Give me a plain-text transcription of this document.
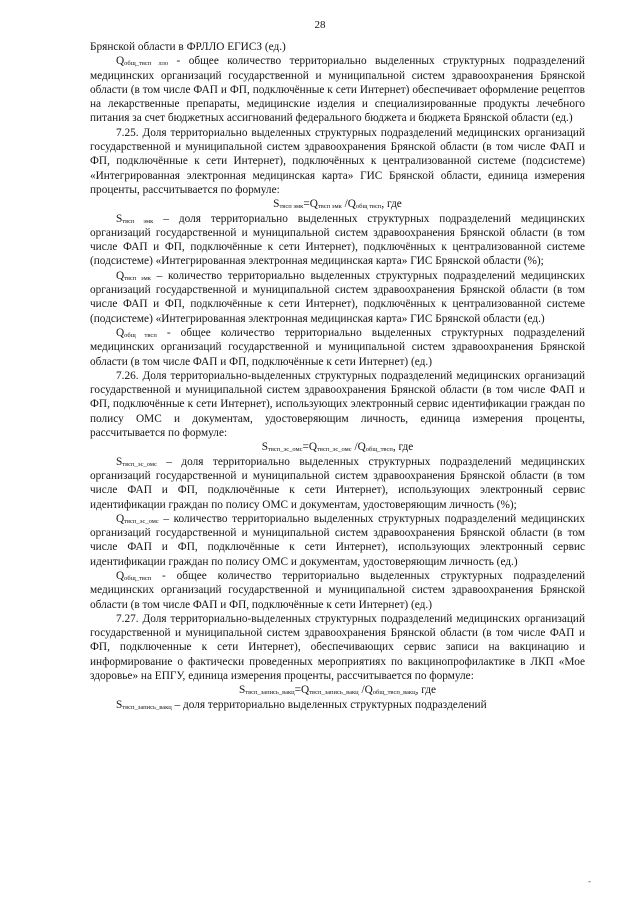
28

Брянской области в ФРЛЛО ЕГИСЗ (ед.)

$Q_{общ\_твсп ллo}$ - общее количество территориально выделенных структурных подразделений медицинских организаций государственной и муниципальной систем здравоохранения Брянской области (в том числе ФАП и ФП, подключённые к сети Интернет) обеспечивает оформление рецептов на лекарственные препараты, медицинские изделия и специализированные продукты лечебного питания за счет бюджетных ассигнований федерального бюджета и бюджета Брянской области (ед.)

7.25. Доля территориально выделенных структурных подразделений медицинских организаций государственной и муниципальной систем здравоохранения Брянской области (в том числе ФАП и ФП, подключённые к сети Интернет), подключённых к централизованной системе (подсистеме) «Интегрированная электронная медицинская карта» ГИС Брянской области, единица измерения проценты, рассчитывается по формуле:

$S_{твсп эмк}=Q_{твсп эмк}$ $/Q_{общ твсп}$, где

$S_{твсп эмк}$ – доля территориально выделенных структурных подразделений медицинских организаций государственной и муниципальной систем здравоохранения Брянской области (в том числе ФАП и ФП, подключённые к сети Интернет), подключённых к централизованной системе (подсистеме) «Интегрированная электронная медицинская карта» ГИС Брянской области (%);

$Q_{твсп эмк}$ – количество территориально выделенных структурных подразделений медицинских организаций государственной и муниципальной систем здравоохранения Брянской области (в том числе ФАП и ФП, подключённые к сети Интернет), подключённых к централизованной системе (подсистеме) «Интегрированная электронная медицинская карта» ГИС Брянской области (ед.)

$Q_{общ твсп}$ - общее количество территориально выделенных структурных подразделений медицинских организаций государственной и муниципальной систем здравоохранения Брянской области (в том числе ФАП и ФП, подключённые к сети Интернет) (ед.)

7.26. Доля территориально-выделенных структурных подразделений медицинских организаций государственной и муниципальной систем здравоохранения Брянской области (в том числе ФАП и ФП, подключённые к сети Интернет), использующих электронный сервис идентификации граждан по полису ОМС и документам, удостоверяющим личность, единица измерения проценты, рассчитывается по формуле:

$S_{твсп\_эс\_омс}=Q_{твсп\_эс\_омс}$ $/Q_{общ\_твсп}$, где

$S_{твсп\_эс\_омс}$ – доля территориально выделенных структурных подразделений медицинских организаций государственной и муниципальной систем здравоохранения Брянской области (в том числе ФАП и ФП, подключённые к сети Интернет), использующих электронный сервис идентификации граждан по полису ОМС и документам, удостоверяющим личность (%);

$Q_{твсп\_эс\_омс}$ – количество территориально выделенных структурных подразделений медицинских организаций государственной и муниципальной систем здравоохранения Брянской области (в том числе ФАП и ФП, подключённые к сети Интернет), использующих электронный сервис идентификации граждан по полису ОМС и документам, удостоверяющим личность (ед.)

$Q_{общ\_твсп}$ - общее количество территориально выделенных структурных подразделений медицинских организаций государственной и муниципальной систем здравоохранения Брянской области (в том числе ФАП и ФП, подключённые к сети Интернет) (ед.)

7.27. Доля территориально-выделенных структурных подразделений медицинских организаций государственной и муниципальной систем здравоохранения Брянской области (в том числе ФАП и ФП, подключенные к сети Интернет), обеспечивающих сервис записи на вакцинацию и информирование о фактически проведенных мероприятиях по вакцинопрофилактике в ЛКП «Мое здоровье» на ЕПГУ, единица измерения проценты, рассчитывается по формуле:

$S_{твсп\_запись\_вакц}=Q_{твсп\_запись\_вакц}$ $/Q_{общ\_твсп\_вакц}$, где

$S_{твсп\_запись\_вакц}$ – доля территориально выделенных структурных подразделений

-
